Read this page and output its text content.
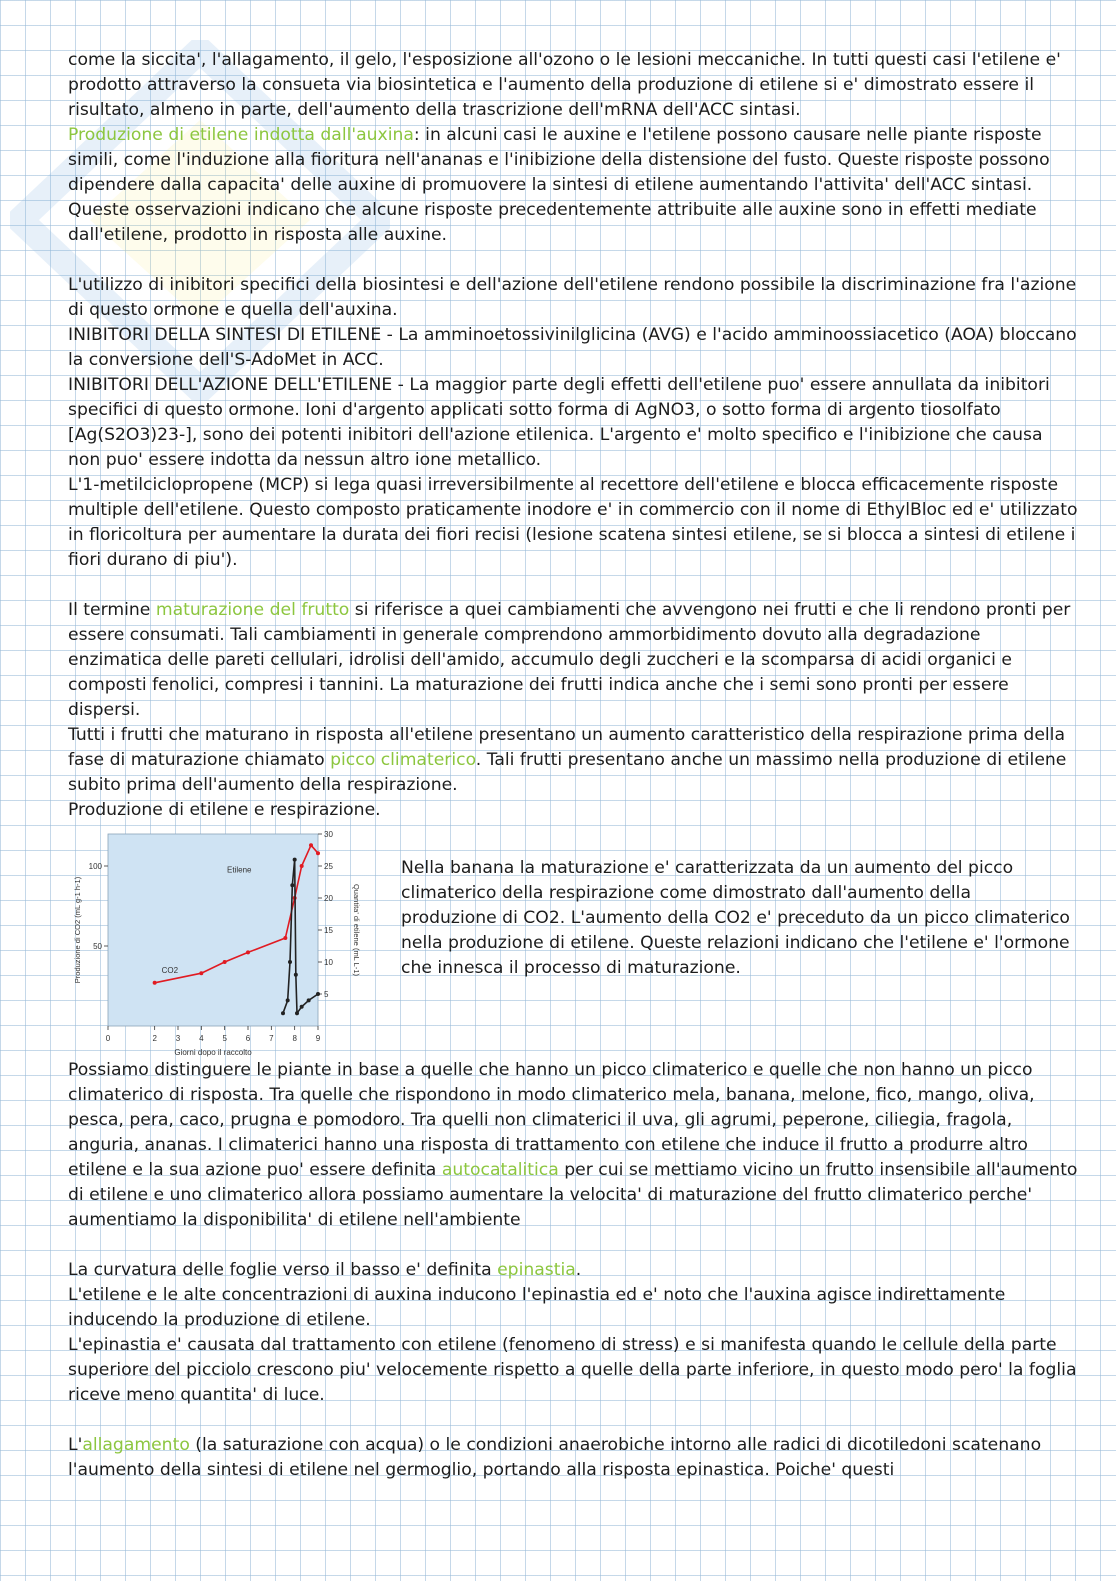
come la siccita', l'allagamento, il gelo, l'esposizione all'ozono o le lesioni meccaniche. In tutti questi casi l'etilene e' prodotto attraverso la consueta via biosintetica e l'aumento della produzione di etilene si e' dimostrato essere il risultato, almeno in parte, dell'aumento della trascrizione dell'mRNA dell'ACC sintasi.

Produzione di etilene indotta dall'auxina: in alcuni casi le auxine e l'etilene possono causare nelle piante risposte simili, come l'induzione alla fioritura nell'ananas e l'inibizione della distensione del fusto. Queste risposte possono dipendere dalla capacita' delle auxine di promuovere la sintesi di etilene aumentando l'attivita' dell'ACC sintasi. Queste osservazioni indicano che alcune risposte precedentemente attribuite alle auxine sono in effetti mediate dall'etilene, prodotto in risposta alle auxine.

L'utilizzo di inibitori specifici della biosintesi e dell'azione dell'etilene rendono possibile la discriminazione fra l'azione di questo ormone e quella dell'auxina.

INIBITORI DELLA SINTESI DI ETILENE - La amminoetossivinilglicina (AVG) e l'acido amminoossiacetico (AOA) bloccano la conversione dell'S-AdoMet in ACC.

INIBITORI DELL'AZIONE DELL'ETILENE - La maggior parte degli effetti dell'etilene puo' essere annullata da inibitori specifici di questo ormone. Ioni d'argento applicati sotto forma di AgNO3, o sotto forma di argento tiosolfato [Ag(S2O3)23-], sono dei potenti inibitori dell'azione etilenica. L'argento e' molto specifico e l'inibizione che causa non puo' essere indotta da nessun altro ione metallico.

L'1-metilciclopropene (MCP) si lega quasi irreversibilmente al recettore dell'etilene e blocca efficacemente risposte multiple dell'etilene. Questo composto praticamente inodore e' in commercio con il nome di EthylBloc ed e' utilizzato in floricoltura per aumentare la durata dei fiori recisi (lesione scatena sintesi etilene, se si blocca a sintesi di etilene i fiori durano di piu').

Il termine maturazione del frutto si riferisce a quei cambiamenti che avvengono nei frutti e che li rendono pronti per essere consumati. Tali cambiamenti in generale comprendono ammorbidimento dovuto alla degradazione enzimatica delle pareti cellulari, idrolisi dell'amido, accumulo degli zuccheri e la scomparsa di acidi organici e composti fenolici, compresi i tannini. La maturazione dei frutti indica anche che i semi sono pronti per essere dispersi.

Tutti i frutti che maturano in risposta all'etilene presentano un aumento caratteristico della respirazione prima della fase di maturazione chiamato picco climaterico. Tali frutti presentano anche un massimo nella produzione di etilene subito prima dell'aumento della respirazione.

Produzione di etilene e respirazione.

0	2 3 4 5 6 7 8 9
Giorni dopo il raccolto
50
100
Produzione di CO2 (mL g-1 h-1)
5
10
15
20
25
30
Quantita' di etilene (mL L-1)
CO2
Etilene	Nella banana la maturazione e' caratterizzata da un aumento del picco climaterico della respirazione come dimostrato dall'aumento della produzione di CO2. L'aumento della CO2 e' preceduto da un picco climaterico nella produzione di etilene. Queste relazioni indicano che l'etilene e' l'ormone che innesca il processo di maturazione.

Possiamo distinguere le piante in base a quelle che hanno un picco climaterico e quelle che non hanno un picco climaterico di risposta. Tra quelle che rispondono in modo climaterico mela, banana, melone, fico, mango, oliva, pesca, pera, caco, prugna e pomodoro. Tra quelli non climaterici il uva, gli agrumi, peperone, ciliegia, fragola, anguria, ananas. I climaterici hanno una risposta di trattamento con etilene che induce il frutto a produrre altro etilene e la sua azione puo' essere definita autocatalitica per cui se mettiamo vicino un frutto insensibile all'aumento di etilene e uno climaterico allora possiamo aumentare la velocita' di maturazione del frutto climaterico perche' aumentiamo la disponibilita' di etilene nell'ambiente

La curvatura delle foglie verso il basso e' definita epinastia.

L'etilene e le alte concentrazioni di auxina inducono l'epinastia ed e' noto che l'auxina agisce indirettamente inducendo la produzione di etilene.

L'epinastia e' causata dal trattamento con etilene (fenomeno di stress) e si manifesta quando le cellule della parte superiore del picciolo crescono piu' velocemente rispetto a quelle della parte inferiore, in questo modo pero' la foglia riceve meno quantita' di luce.

L'allagamento (la saturazione con acqua) o le condizioni anaerobiche intorno alle radici di dicotiledoni scatenano l'aumento della sintesi di etilene nel germoglio, portando alla risposta epinastica. Poiche' questi
